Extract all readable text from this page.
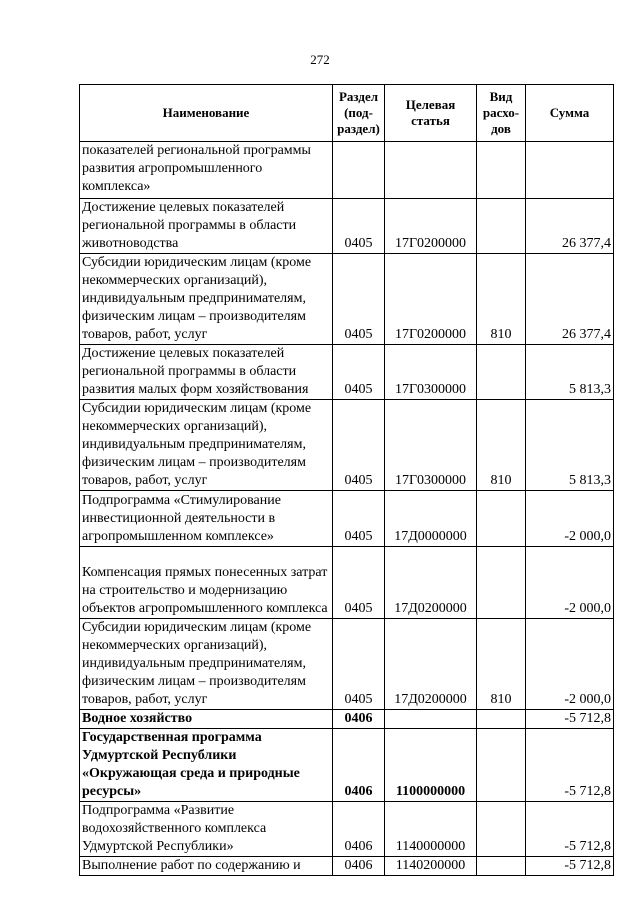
272
Наименование	Раздел (под-раздел)	Целевая статья	Вид расхо-дов	Сумма
показателей региональной программы развития агропромышленного комплекса»				
Достижение целевых показателей региональной программы в области животноводства	0405	17Г0200000		26 377,4
Субсидии юридическим лицам (кроме некоммерческих организаций), индивидуальным предпринимателям, физическим лицам – производителям товаров, работ, услуг	0405	17Г0200000	810	26 377,4
Достижение целевых показателей региональной программы в области развития малых форм хозяйствования	0405	17Г0300000		5 813,3
Субсидии юридическим лицам (кроме некоммерческих организаций), индивидуальным предпринимателям, физическим лицам – производителям товаров, работ, услуг	0405	17Г0300000	810	5 813,3
Подпрограмма «Стимулирование инвестиционной деятельности в агропромышленном комплексе»	0405	17Д0000000		-2 000,0
Компенсация прямых понесенных затрат на строительство и модернизацию объектов агропромышленного комплекса	0405	17Д0200000		-2 000,0
Субсидии юридическим лицам (кроме некоммерческих организаций), индивидуальным предпринимателям, физическим лицам – производителям товаров, работ, услуг	0405	17Д0200000	810	-2 000,0
Водное хозяйство	0406			-5 712,8
Государственная программа Удмуртской Республики «Окружающая среда и природные ресурсы»	0406	1100000000		-5 712,8
Подпрограмма «Развитие водохозяйственного комплекса Удмуртской Республики»	0406	1140000000		-5 712,8
Выполнение работ по содержанию и	0406	1140200000		-5 712,8
